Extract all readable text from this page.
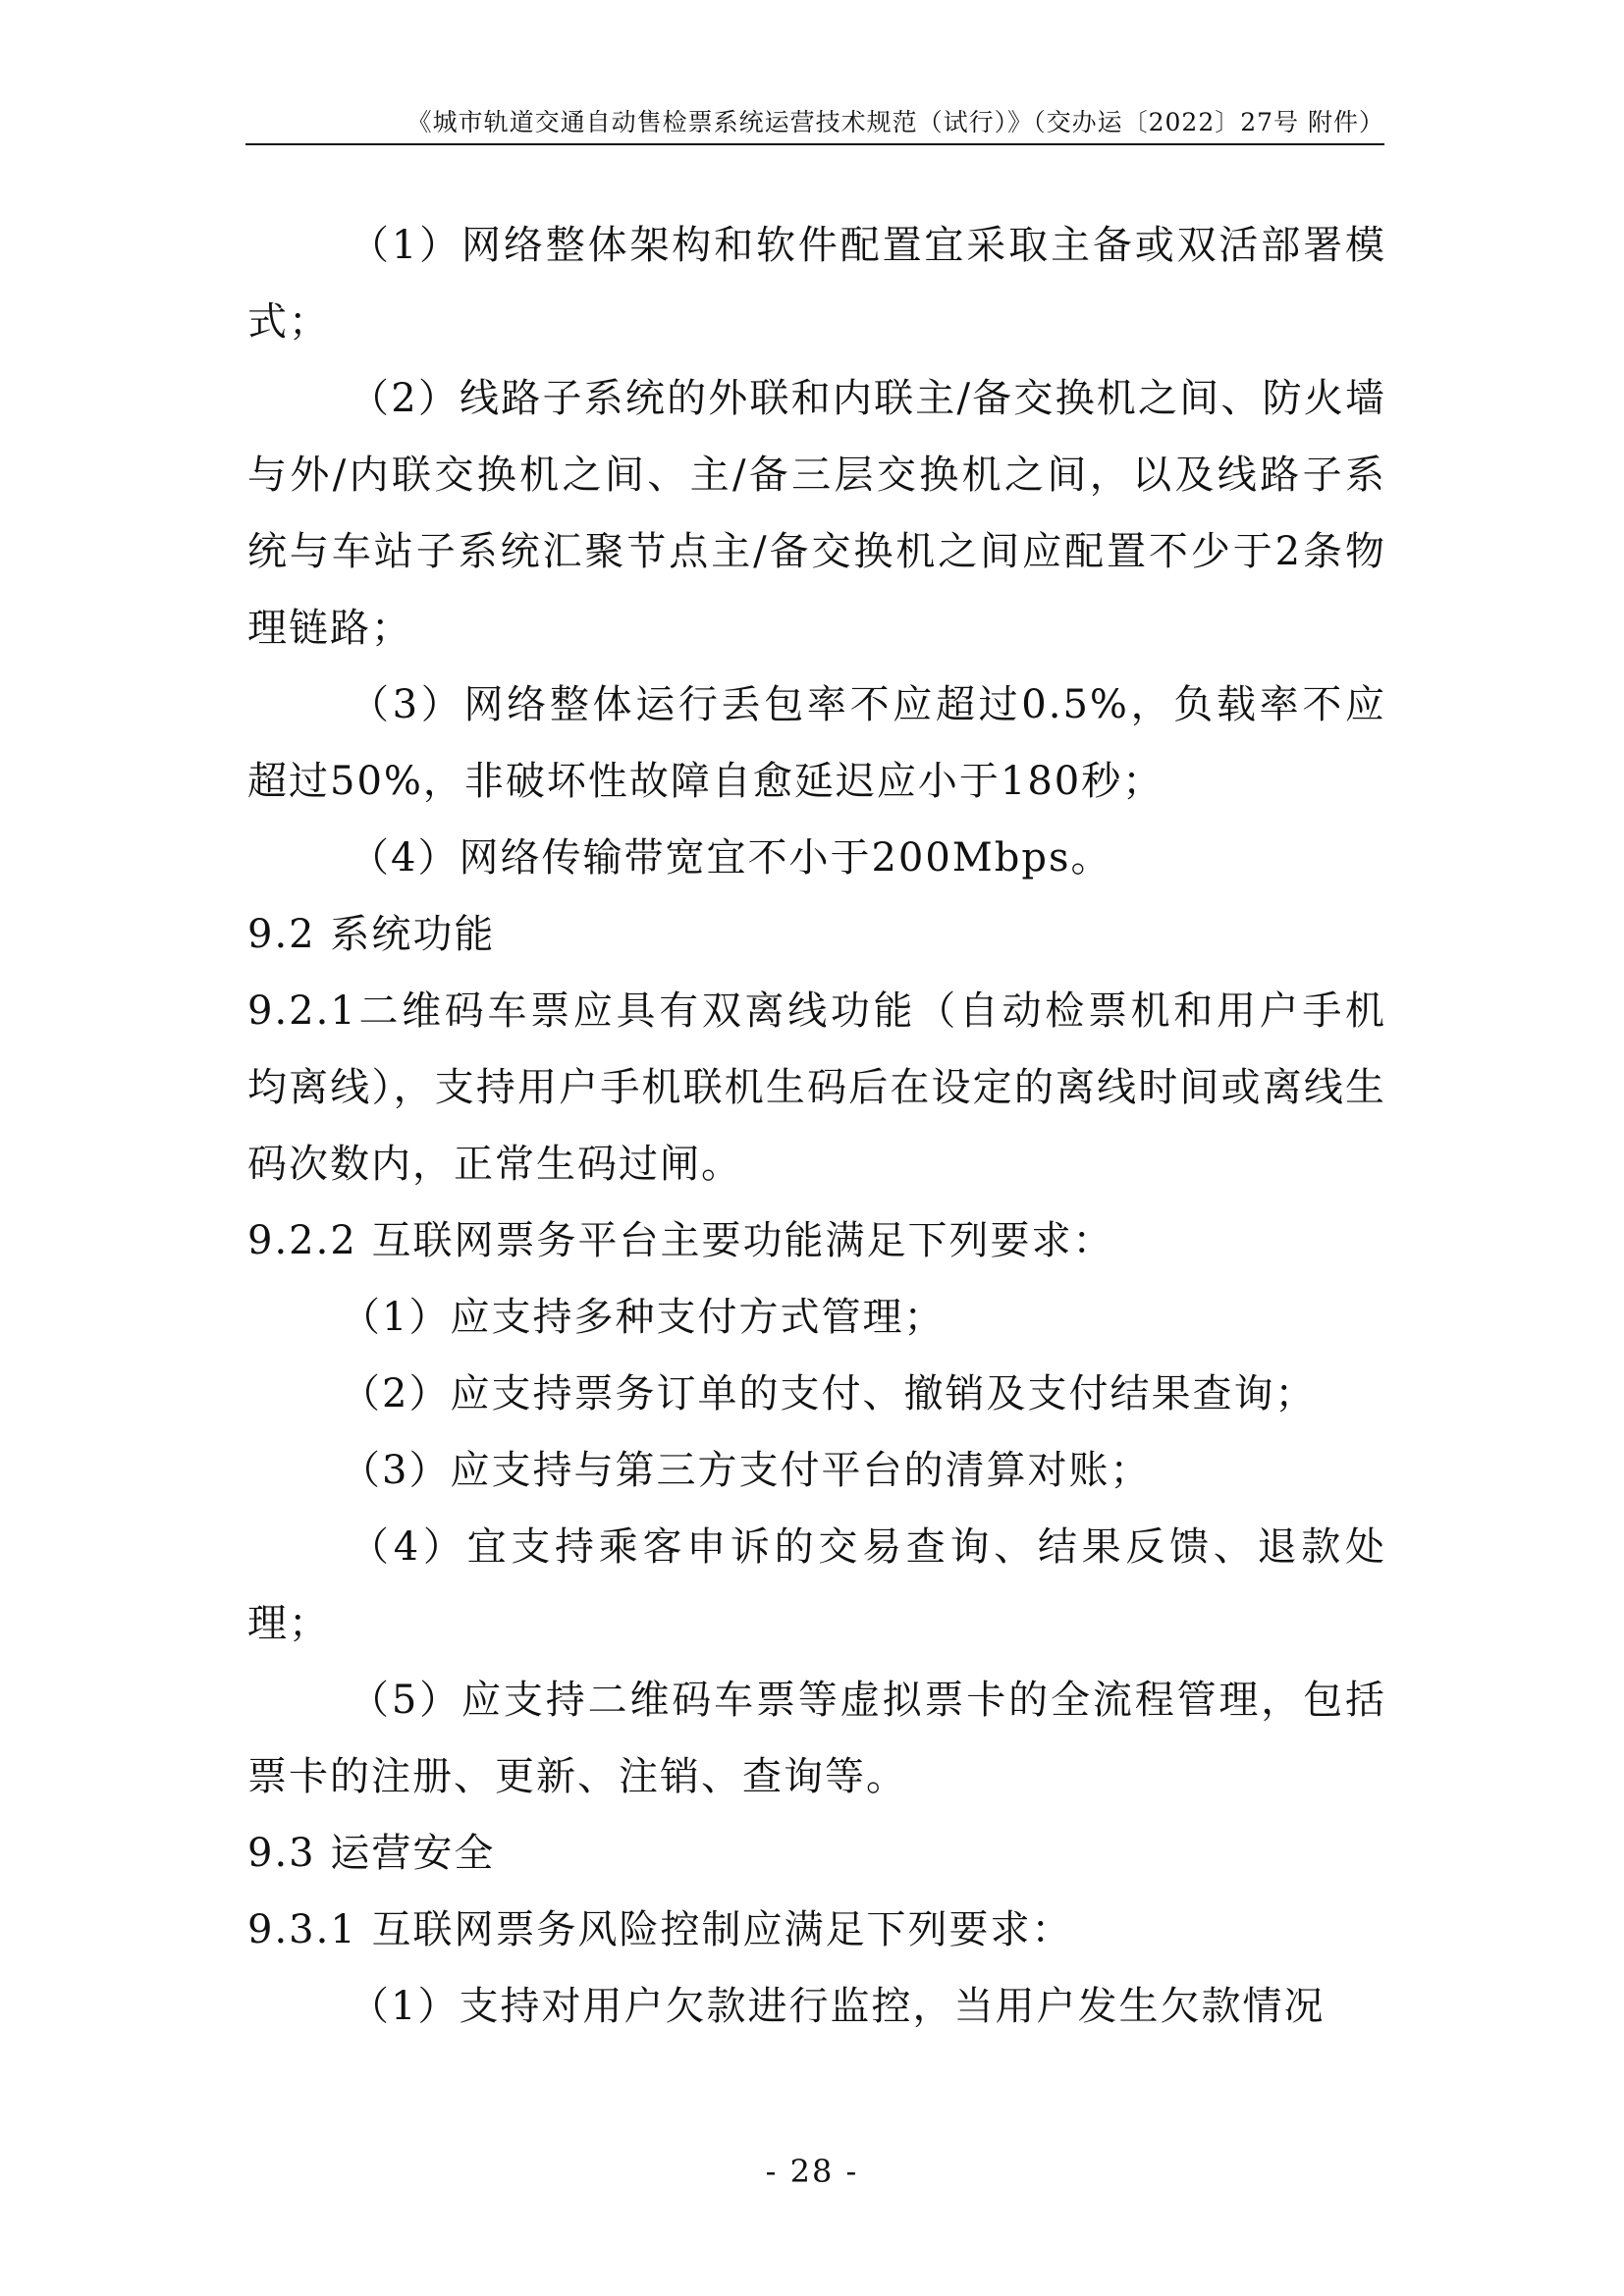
《城市轨道交通自动售检票系统运营技术规范（试行）》（交办运〔2022〕27号 附件）

（1）网络整体架构和软件配置宜采取主备或双活部署模式；

（2）线路子系统的外联和内联主/备交换机之间、防火墙与外/内联交换机之间、主/备三层交换机之间，以及线路子系统与车站子系统汇聚节点主/备交换机之间应配置不少于2条物理链路；

（3）网络整体运行丢包率不应超过0.5%，负载率不应超过50%，非破坏性故障自愈延迟应小于180秒；

（4）网络传输带宽宜不小于200Mbps。

9.2 系统功能

9.2.1二维码车票应具有双离线功能（自动检票机和用户手机均离线），支持用户手机联机生码后在设定的离线时间或离线生码次数内，正常生码过闸。

9.2.2 互联网票务平台主要功能满足下列要求：

（1）应支持多种支付方式管理；

（2）应支持票务订单的支付、撤销及支付结果查询；

（3）应支持与第三方支付平台的清算对账；

（4）宜支持乘客申诉的交易查询、结果反馈、退款处理；

（5）应支持二维码车票等虚拟票卡的全流程管理，包括票卡的注册、更新、注销、查询等。

9.3 运营安全

9.3.1 互联网票务风险控制应满足下列要求：

（1）支持对用户欠款进行监控，当用户发生欠款情况

- 28 -
